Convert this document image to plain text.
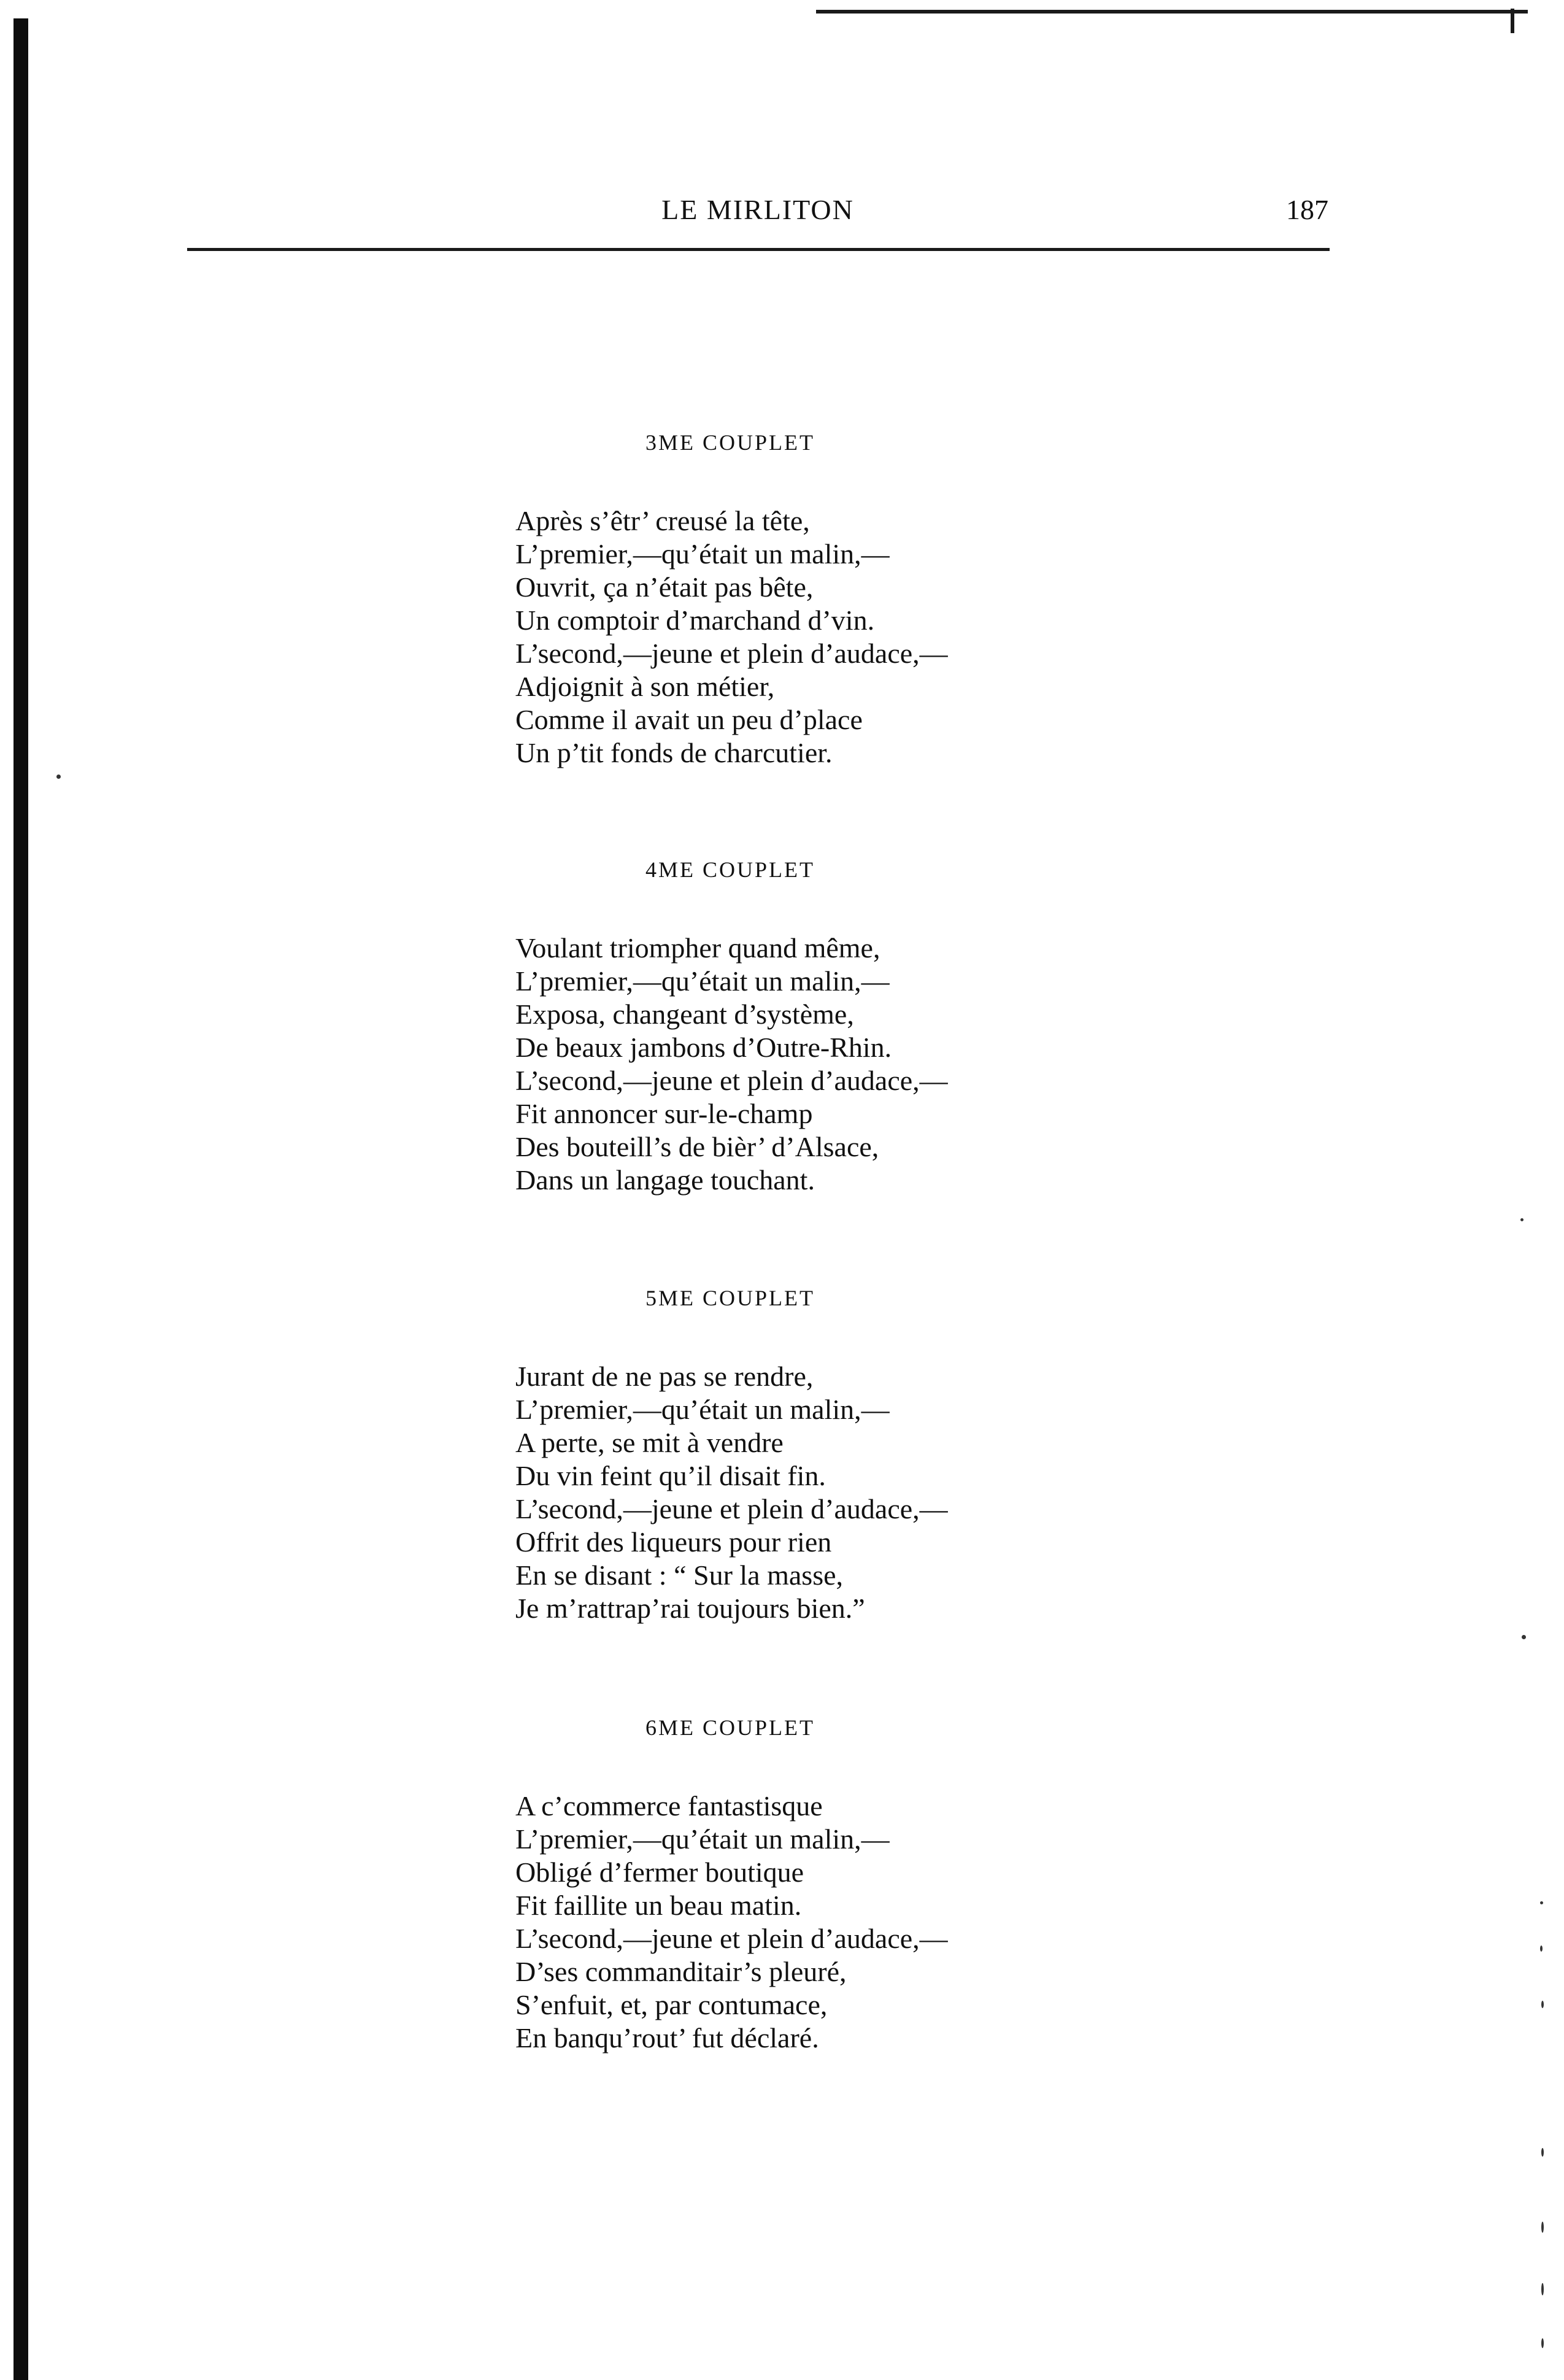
LE MIRLITON	187
3ME COUPLET
Après s’êtr’ creusé la tête,
L’premier,—qu’était un malin,—
Ouvrit, ça n’était pas bête,
Un comptoir d’marchand d’vin.
L’second,—jeune et plein d’audace,—
Adjoignit à son métier,
Comme il avait un peu d’place
Un p’tit fonds de charcutier.
4ME COUPLET
Voulant triompher quand même,
L’premier,—qu’était un malin,—
Exposa, changeant d’système,
De beaux jambons d’Outre-Rhin.
L’second,—jeune et plein d’audace,—
Fit annoncer sur-le-champ
Des bouteill’s de bièr’ d’Alsace,
Dans un langage touchant.
5ME COUPLET
Jurant de ne pas se rendre,
L’premier,—qu’était un malin,—
A perte, se mit à vendre
Du vin feint qu’il disait fin.
L’second,—jeune et plein d’audace,—
Offrit des liqueurs pour rien
En se disant : “ Sur la masse,
Je m’rattrap’rai toujours bien.”
6ME COUPLET
A c’commerce fantastisque
L’premier,—qu’était un malin,—
Obligé d’fermer boutique
Fit faillite un beau matin.
L’second,—jeune et plein d’audace,—
D’ses commanditair’s pleuré,
S’enfuit, et, par contumace,
En banqu’rout’ fut déclaré.
